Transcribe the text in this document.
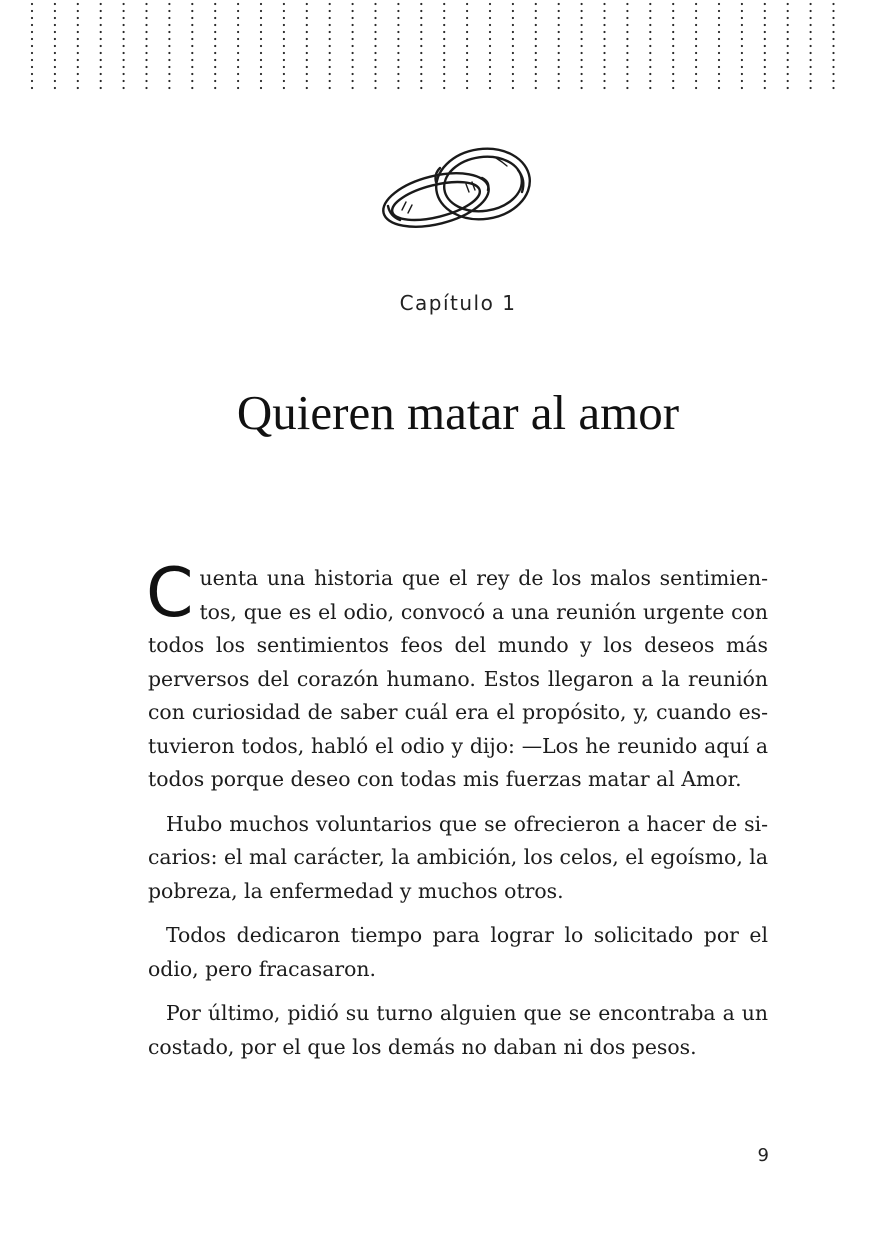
Capítulo 1
Quieren matar al amor

Cuenta una historia que el rey de los malos sentimientos, que es el odio, convocó a una reunión urgente con todos los sentimientos feos del mundo y los deseos más perversos del corazón humano. Estos llegaron a la reunión con curiosidad de saber cuál era el propósito, y, cuando estuvieron todos, habló el odio y dijo: —Los he reunido aquí a todos porque deseo con todas mis fuerzas matar al Amor.

Hubo muchos voluntarios que se ofrecieron a hacer de sicarios: el mal carácter, la ambición, los celos, el egoísmo, la pobreza, la enfermedad y muchos otros.

Todos dedicaron tiempo para lograr lo solicitado por el odio, pero fracasaron.

Por último, pidió su turno alguien que se encontraba a un costado, por el que los demás no daban ni dos pesos.

9
